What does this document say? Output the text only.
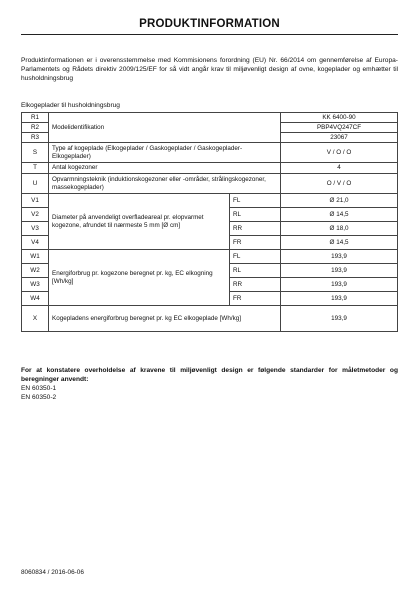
PRODUKTINFORMATION
Produktinformationen er i overensstemmelse med Kommisionens forordning (EU) Nr. 66/2014 om gennemførelse af Europa-Parlamentets og Rådets direktiv 2009/125/EF for så vidt angår krav til miljøvenligt design af ovne, kogeplader og emhætter til husholdningsbrug
Elkogeplader til husholdningsbrug
R1	Modelidentifikation		KK 6400-90
R2			PBP4VQ247CF
R3			23067
S	Type af kogeplade (Elkogeplader / Gaskogeplader / Gaskogeplader-Elkogeplader)		V / O / O
T	Antal kogezoner		4
U	Opvarmningsteknik (induktionskogezoner eller -områder, strålingskogezoner, massekogeplader)		O / V / O
V1	Diameter på anvendeligt overfladeareal pr. elopvarmet kogezone, afrundet til nærmeste 5 mm [Ø cm]	FL	Ø 21,0
V2		RL	Ø 14,5
V3		RR	Ø 18,0
V4		FR	Ø 14,5
W1	Energiforbrug pr. kogezone beregnet pr. kg, EC elkogning [Wh/kg]	FL	193,9
W2		RL	193,9
W3		RR	193,9
W4		FR	193,9
X	Kogepladens energiforbrug beregnet pr. kg EC elkogeplade [Wh/kg]		193,9
For at konstatere overholdelse af kravene til miljøvenligt design er følgende standarder for måletmetoder og beregninger anvendt:
EN 60350-1
EN 60350-2
8060834 / 2016-06-06
